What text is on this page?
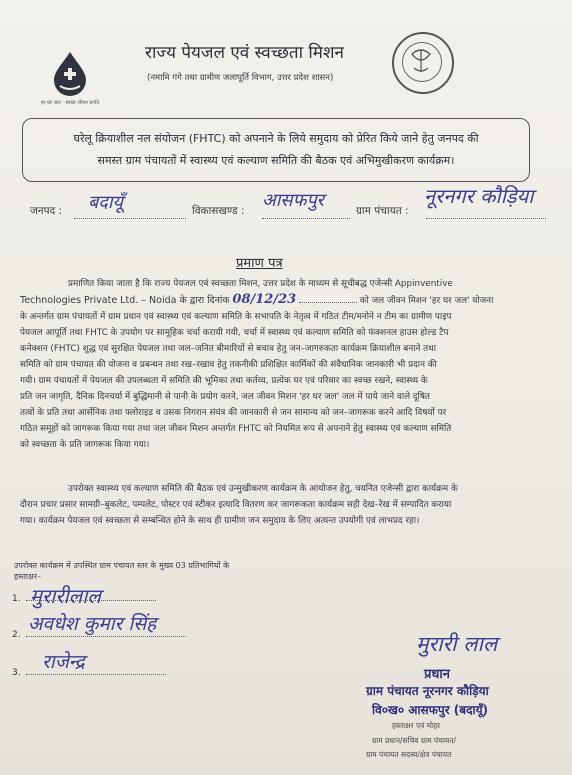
हर घर जल · स्वच्छ जीवन प्रगति
राज्य पेयजल एवं स्वच्छता मिशन
(नमामि गंगे तथा ग्रामीण जलापूर्ति विभाग, उत्तर प्रदेश शासन)
घरेलू क्रियाशील नल संयोजन (FHTC) को अपनाने के लिये समुदाय को प्रेरित किये जाने हेतु जनपद की
समस्त ग्राम पंचायतों में स्वास्थ्य एवं कल्याण समिति की बैठक एवं अभिमुखीकरण कार्यक्रम।
जनपद : बदायूँ	विकासखण्ड : आसफपुर	ग्राम पंचायत :
नूरनगर कौड़िया
प्रमाण पत्र
प्रमाणित किया जाता है कि राज्य पेयजल एवं स्वच्छता मिशन, उत्तर प्रदेश के माध्यम से सूचीबद्ध एजेन्सी Appinventive
Technologies Private Ltd. – Noida के द्वारा दिनांक 08/12/23	को जल जीवन मिशन 'हर घर जल' योजना
के अन्तर्गत ग्राम पंचायतों में ग्राम प्रधान एवं स्वास्थ्य एवं कल्याण समिति के सभापति के नेतृत्व में गठित टीम/मनोने न टीम का ग्रामीण पाइप
पेयजल आपूर्ति तथा FHTC के उपयोग पर सामूहिक चर्चा करायी गयी, चर्चा में स्वास्थ्य एवं कल्याण समिति को फंक्शनल हाउस होल्ड टैप
कनेक्शन (FHTC) शुद्ध एवं सुरक्षित पेयजल तथा जल–जनित बीमारियों से बचाव हेतु जन–जागरुकता कार्यक्रम क्रियाशील बनाने तथा
समिति को ग्राम पंचायत की योजना व प्रबन्धन तथा रख–रखाव हेतु तकनीकी प्रशिक्षित कार्मिकों की संवैधानिक जानकारी भी प्रदान की
गयी। ग्राम पंचायतों में पेयजल की उपलब्धता में समिति की भूमिका तथा कर्तव्य, प्रत्येक घर एवं परिवार का स्वच्छ रखने, स्वास्थ्य के
प्रति जन जागृति, दैनिक दिनचर्या में बुद्धिमानी से पानी के प्रयोग करने, जल जीवन मिशन 'हर घर जल' जल में पाये जाने वाले दूषित
तत्वों के प्रति तथा आर्सेनिक तथा फ्लोराइड व उसक निगरान संयंत्र की जानकारी से जन सामान्य को जन–जागरूक करने आदि विषयों पर
गठित समूहों को जागरूक किया गया तथा जल जीवन मिशन अन्तर्गत FHTC को नियमित रूप से अपनाने हेतु स्वास्थ्य एवं कल्याण समिति
को स्वच्छता के प्रति जागरूक किया गया।
उपरोक्त स्वास्थ्य एवं कल्याण समिति की बैठक एवं उन्मुखीकरण कार्यक्रम के आयोजन हेतु, चयनित एजेन्सी द्वारा कार्यक्रम के
दौरान प्रचार प्रसार सामग्री–बुकलेट, पम्पलेट, पोस्टर एवं स्टीकर इत्यादि वितरण कर जागरूकता कार्यक्रम सही देख–रेख में सम्पादित कराया
गया। कार्यक्रम पेयजल एवं स्वच्छता से सम्बन्धित होने के साथ ही ग्रामीण जन समुदाय के लिए अत्यन्त उपयोगी एवं लाभप्रद रहा।
उपरोक्त कार्यक्रम में उपस्थित ग्राम पंचायत स्तर के मुख्य 03 प्रतिभागियों के
हस्ताक्षर–
1. मुरारीलाल
2. अवधेश कुमार सिंह
3.	राजेन्द्र
मुरारी लाल
प्रधान
ग्राम पंचायत नूरनगर कौड़िया
वि०ख० आसफपुर (बदायूँ)
हस्ताक्षर एवं मोहर
ग्राम प्रधान/सचिव ग्राम पंचायत/
ग्राम पंचायत सदस्य/क्षेत्र पंचायत
